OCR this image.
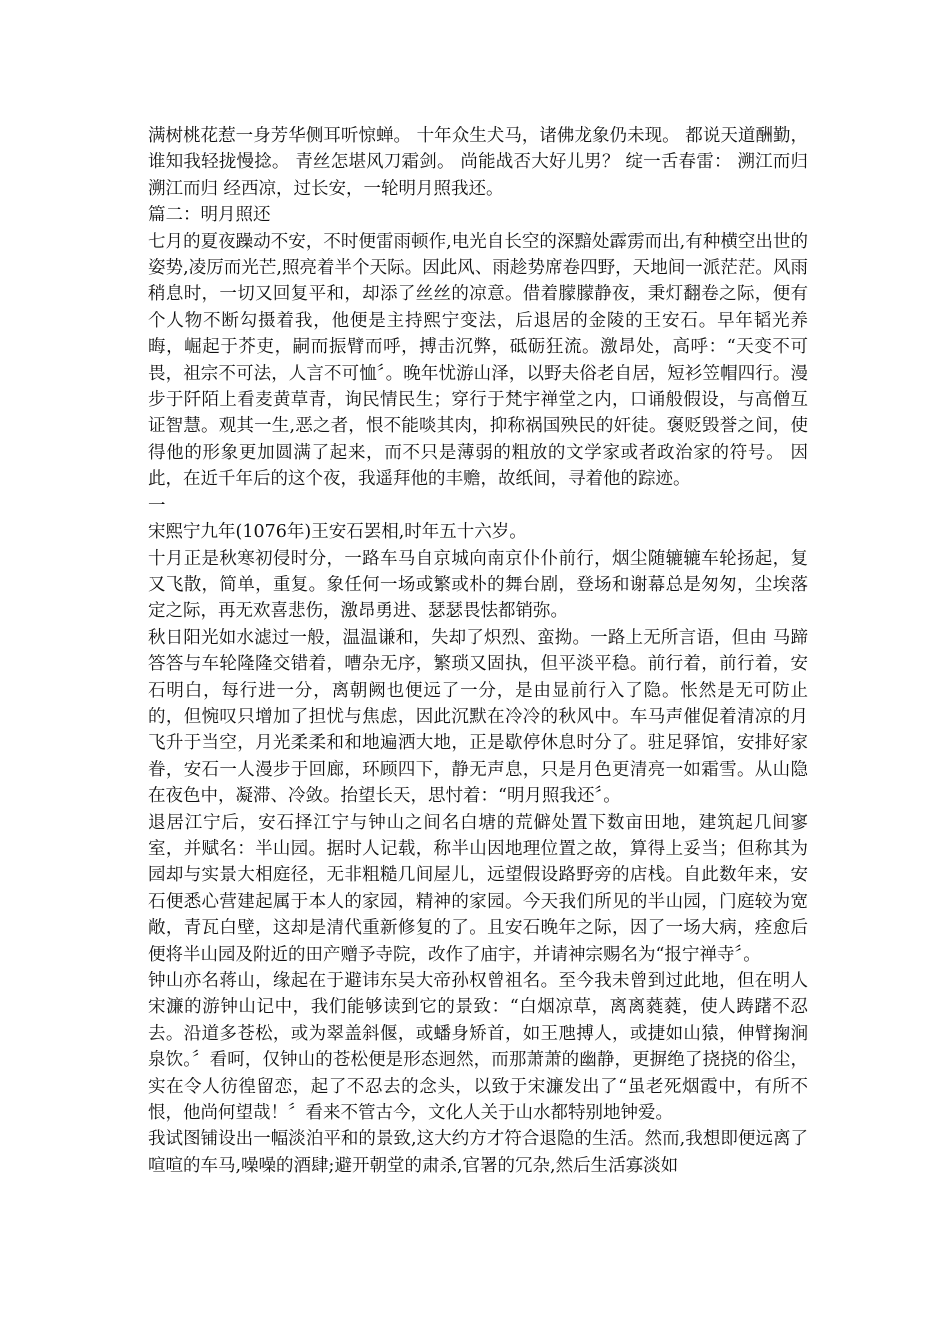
满树桃花惹一身芳华侧耳听惊蝉。 十年众生犬马，诸佛龙象仍未现。 都说天道酬勤，谁知我轻拢慢捻。 青丝怎堪风刀霜剑。 尚能战否大好儿男？ 绽一舌春雷： 溯江而归 溯江而归 经西凉，过长安，一轮明月照我还。

篇二：明月照还

七月的夏夜躁动不安，不时便雷雨顿作,电光自长空的深黯处霹雳而出,有种横空出世的姿势,凌厉而光芒,照亮着半个天际。因此风、雨趁势席卷四野，天地间一派茫茫。风雨稍息时，一切又回复平和，却添了丝丝的凉意。借着朦朦静夜，秉灯翻卷之际，便有个人物不断勾摄着我，他便是主持熙宁变法，后退居的金陵的王安石。早年韬光养晦，崛起于芥吏，嗣而振臂而呼，搏击沉弊，砥砺狂流。激昂处，高呼：“天变不可畏，祖宗不可法，人言不可恤〞。晚年忧游山泽，以野夫俗老自居，短衫笠帽四行。漫步于阡陌上看麦黄草青，询民情民生；穿行于梵宇禅堂之内，口诵般假设，与高僧互证智慧。观其一生,恶之者，恨不能啖其肉，抑称祸国殃民的奸徒。褒贬毁誉之间，使得他的形象更加圆满了起来，而不只是薄弱的粗放的文学家或者政治家的符号。 因此，在近千年后的这个夜，我遥拜他的丰赡，故纸间，寻着他的踪迹。

一

宋熙宁九年(1076年)王安石罢相,时年五十六岁。

十月正是秋寒初侵时分，一路车马自京城向南京仆仆前行，烟尘随辘辘车轮扬起，复又飞散，简单，重复。象任何一场或繁或朴的舞台剧，登场和谢幕总是匆匆，尘埃落定之际，再无欢喜悲伤，激昂勇进、瑟瑟畏怯都销弥。

秋日阳光如水滤过一般，温温谦和，失却了炽烈、蛮拗。一路上无所言语，但由 马蹄答答与车轮隆隆交错着，嘈杂无序，繁琐又固执，但平淡平稳。前行着，前行着，安石明白，每行进一分，离朝阙也便远了一分，是由显前行入了隐。怅然是无可防止的，但惋叹只增加了担忧与焦虑，因此沉默在冷冷的秋风中。车马声催促着清凉的月飞升于当空，月光柔柔和和地遍洒大地，正是歇停休息时分了。驻足驿馆，安排好家眷，安石一人漫步于回廊，环顾四下，静无声息，只是月色更清亮一如霜雪。从山隐在夜色中，凝滞、冷敛。抬望长天，思忖着：“明月照我还〞。

退居江宁后，安石择江宁与钟山之间名白塘的荒僻处置下数亩田地，建筑起几间寥室，并赋名：半山园。据时人记载，称半山因地理位置之故，算得上妥当；但称其为园却与实景大相庭径，无非粗糙几间屋儿，远望假设路野旁的店栈。自此数年来，安石便悉心营建起属于本人的家园，精神的家园。今天我们所见的半山园，门庭较为宽敞，青瓦白壁，这却是清代重新修复的了。且安石晚年之际，因了一场大病，痊愈后便将半山园及附近的田产赠予寺院，改作了庙宇，并请神宗赐名为“报宁禅寺〞。

钟山亦名蒋山，缘起在于避讳东吴大帝孙权曾祖名。至今我未曾到过此地，但在明人宋濂的游钟山记中，我们能够读到它的景致：“白烟凉草，离离蕤蕤，使人踌躇不忍去。沿道多苍松，或为翠盖斜偃，或蟠身矫首，如王虺搏人，或捷如山猿，伸臂掬涧泉饮。〞看呵，仅钟山的苍松便是形态迥然，而那萧萧的幽静，更摒绝了挠挠的俗尘，实在令人彷徨留恋，起了不忍去的念头，以致于宋濂发出了“虽老死烟霞中，有所不恨，他尚何望哉！〞看来不管古今，文化人关于山水都特别地钟爱。

我试图铺设出一幅淡泊平和的景致,这大约方才符合退隐的生活。然而,我想即便远离了喧喧的车马,噪噪的酒肆;避开朝堂的肃杀,官署的冗杂,然后生活寡淡如
